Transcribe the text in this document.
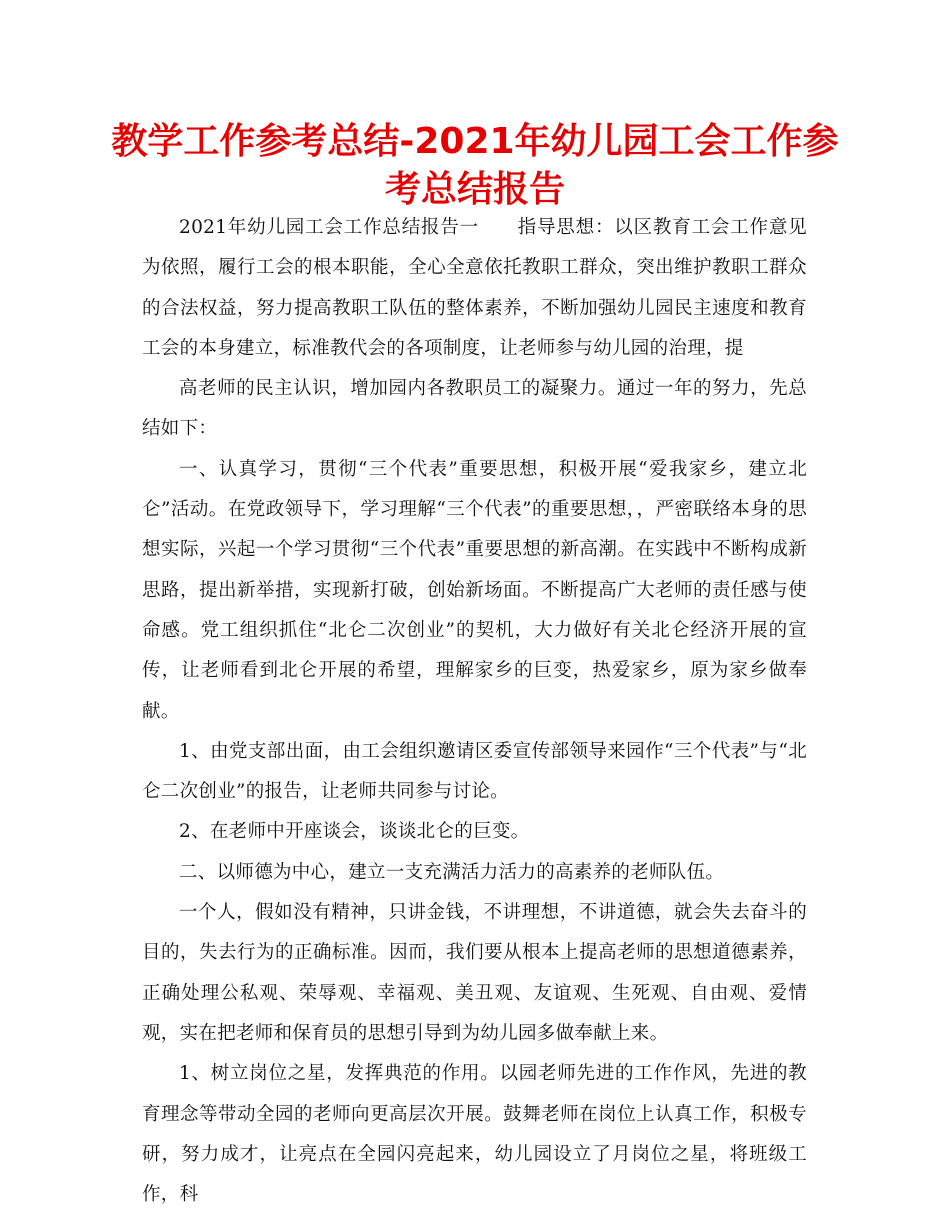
教学工作参考总结-2021年幼儿园工会工作参考总结报告

2021年幼儿园工会工作总结报告一　　指导思想：以区教育工会工作意见为依照，履行工会的根本职能，全心全意依托教职工群众，突出维护教职工群众的合法权益，努力提高教职工队伍的整体素养，不断加强幼儿园民主速度和教育工会的本身建立，标准教代会的各项制度，让老师参与幼儿园的治理，提

高老师的民主认识，增加园内各教职员工的凝聚力。通过一年的努力，先总结如下：

一、认真学习，贯彻“三个代表”重要思想，积极开展“爱我家乡，建立北仑”活动。在党政领导下，学习理解“三个代表”的重要思想，，严密联络本身的思想实际，兴起一个学习贯彻“三个代表”重要思想的新高潮。在实践中不断构成新思路，提出新举措，实现新打破，创始新场面。不断提高广大老师的责任感与使命感。党工组织抓住“北仑二次创业”的契机，大力做好有关北仑经济开展的宣传，让老师看到北仑开展的希望，理解家乡的巨变，热爱家乡，原为家乡做奉献。

1、由党支部出面，由工会组织邀请区委宣传部领导来园作“三个代表”与“北仑二次创业”的报告，让老师共同参与讨论。

2、在老师中开座谈会，谈谈北仑的巨变。

二、以师德为中心，建立一支充满活力活力的高素养的老师队伍。

一个人，假如没有精神，只讲金钱，不讲理想，不讲道德，就会失去奋斗的目的，失去行为的正确标准。因而，我们要从根本上提高老师的思想道德素养，正确处理公私观、荣辱观、幸福观、美丑观、友谊观、生死观、自由观、爱情观，实在把老师和保育员的思想引导到为幼儿园多做奉献上来。

1、树立岗位之星，发挥典范的作用。以园老师先进的工作作风，先进的教育理念等带动全园的老师向更高层次开展。鼓舞老师在岗位上认真工作，积极专研，努力成才，让亮点在全园闪亮起来，幼儿园设立了月岗位之星，将班级工作，科
